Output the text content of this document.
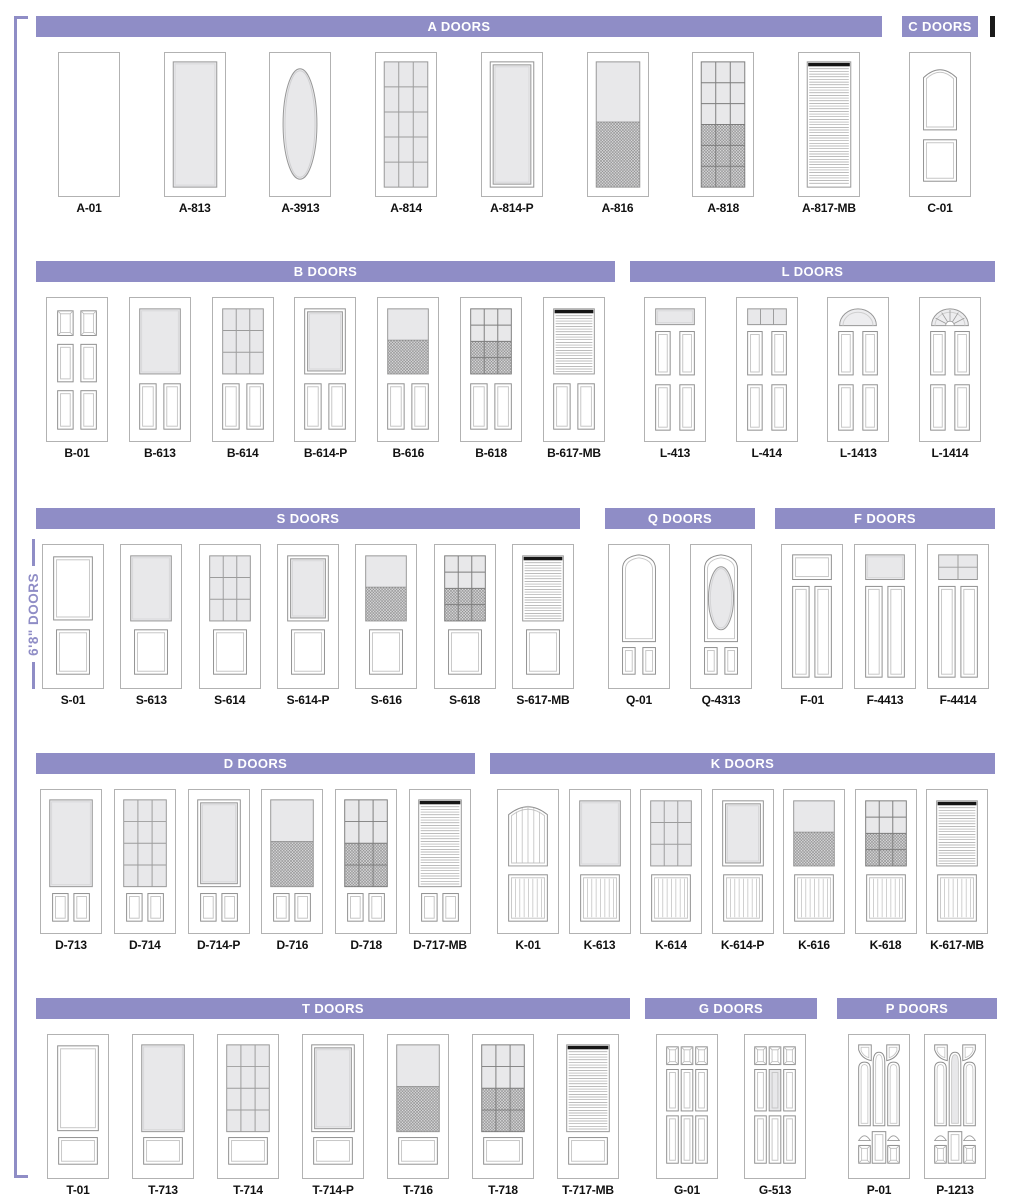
6'8" DOORS
A DOORS
A-01	A-813	A-3913	A-814	A-814-P	A-816	A-818	A-817-MB
C DOORS
C-01
B DOORS
B-01	B-613	B-614	B-614-P	B-616	B-618	B-617-MB
L DOORS
L-413	L-414	L-1413	L-1414
S DOORS
S-01	S-613	S-614	S-614-P	S-616	S-618	S-617-MB
Q DOORS
Q-01	Q-4313
F DOORS
F-01	F-4413	F-4414
D DOORS
D-713	D-714	D-714-P	D-716	D-718	D-717-MB
K DOORS
K-01	K-613	K-614	K-614-P	K-616	K-618	K-617-MB
T DOORS
T-01	T-713	T-714	T-714-P	T-716	T-718	T-717-MB
G DOORS
G-01	G-513
P DOORS
P-01	P-1213
